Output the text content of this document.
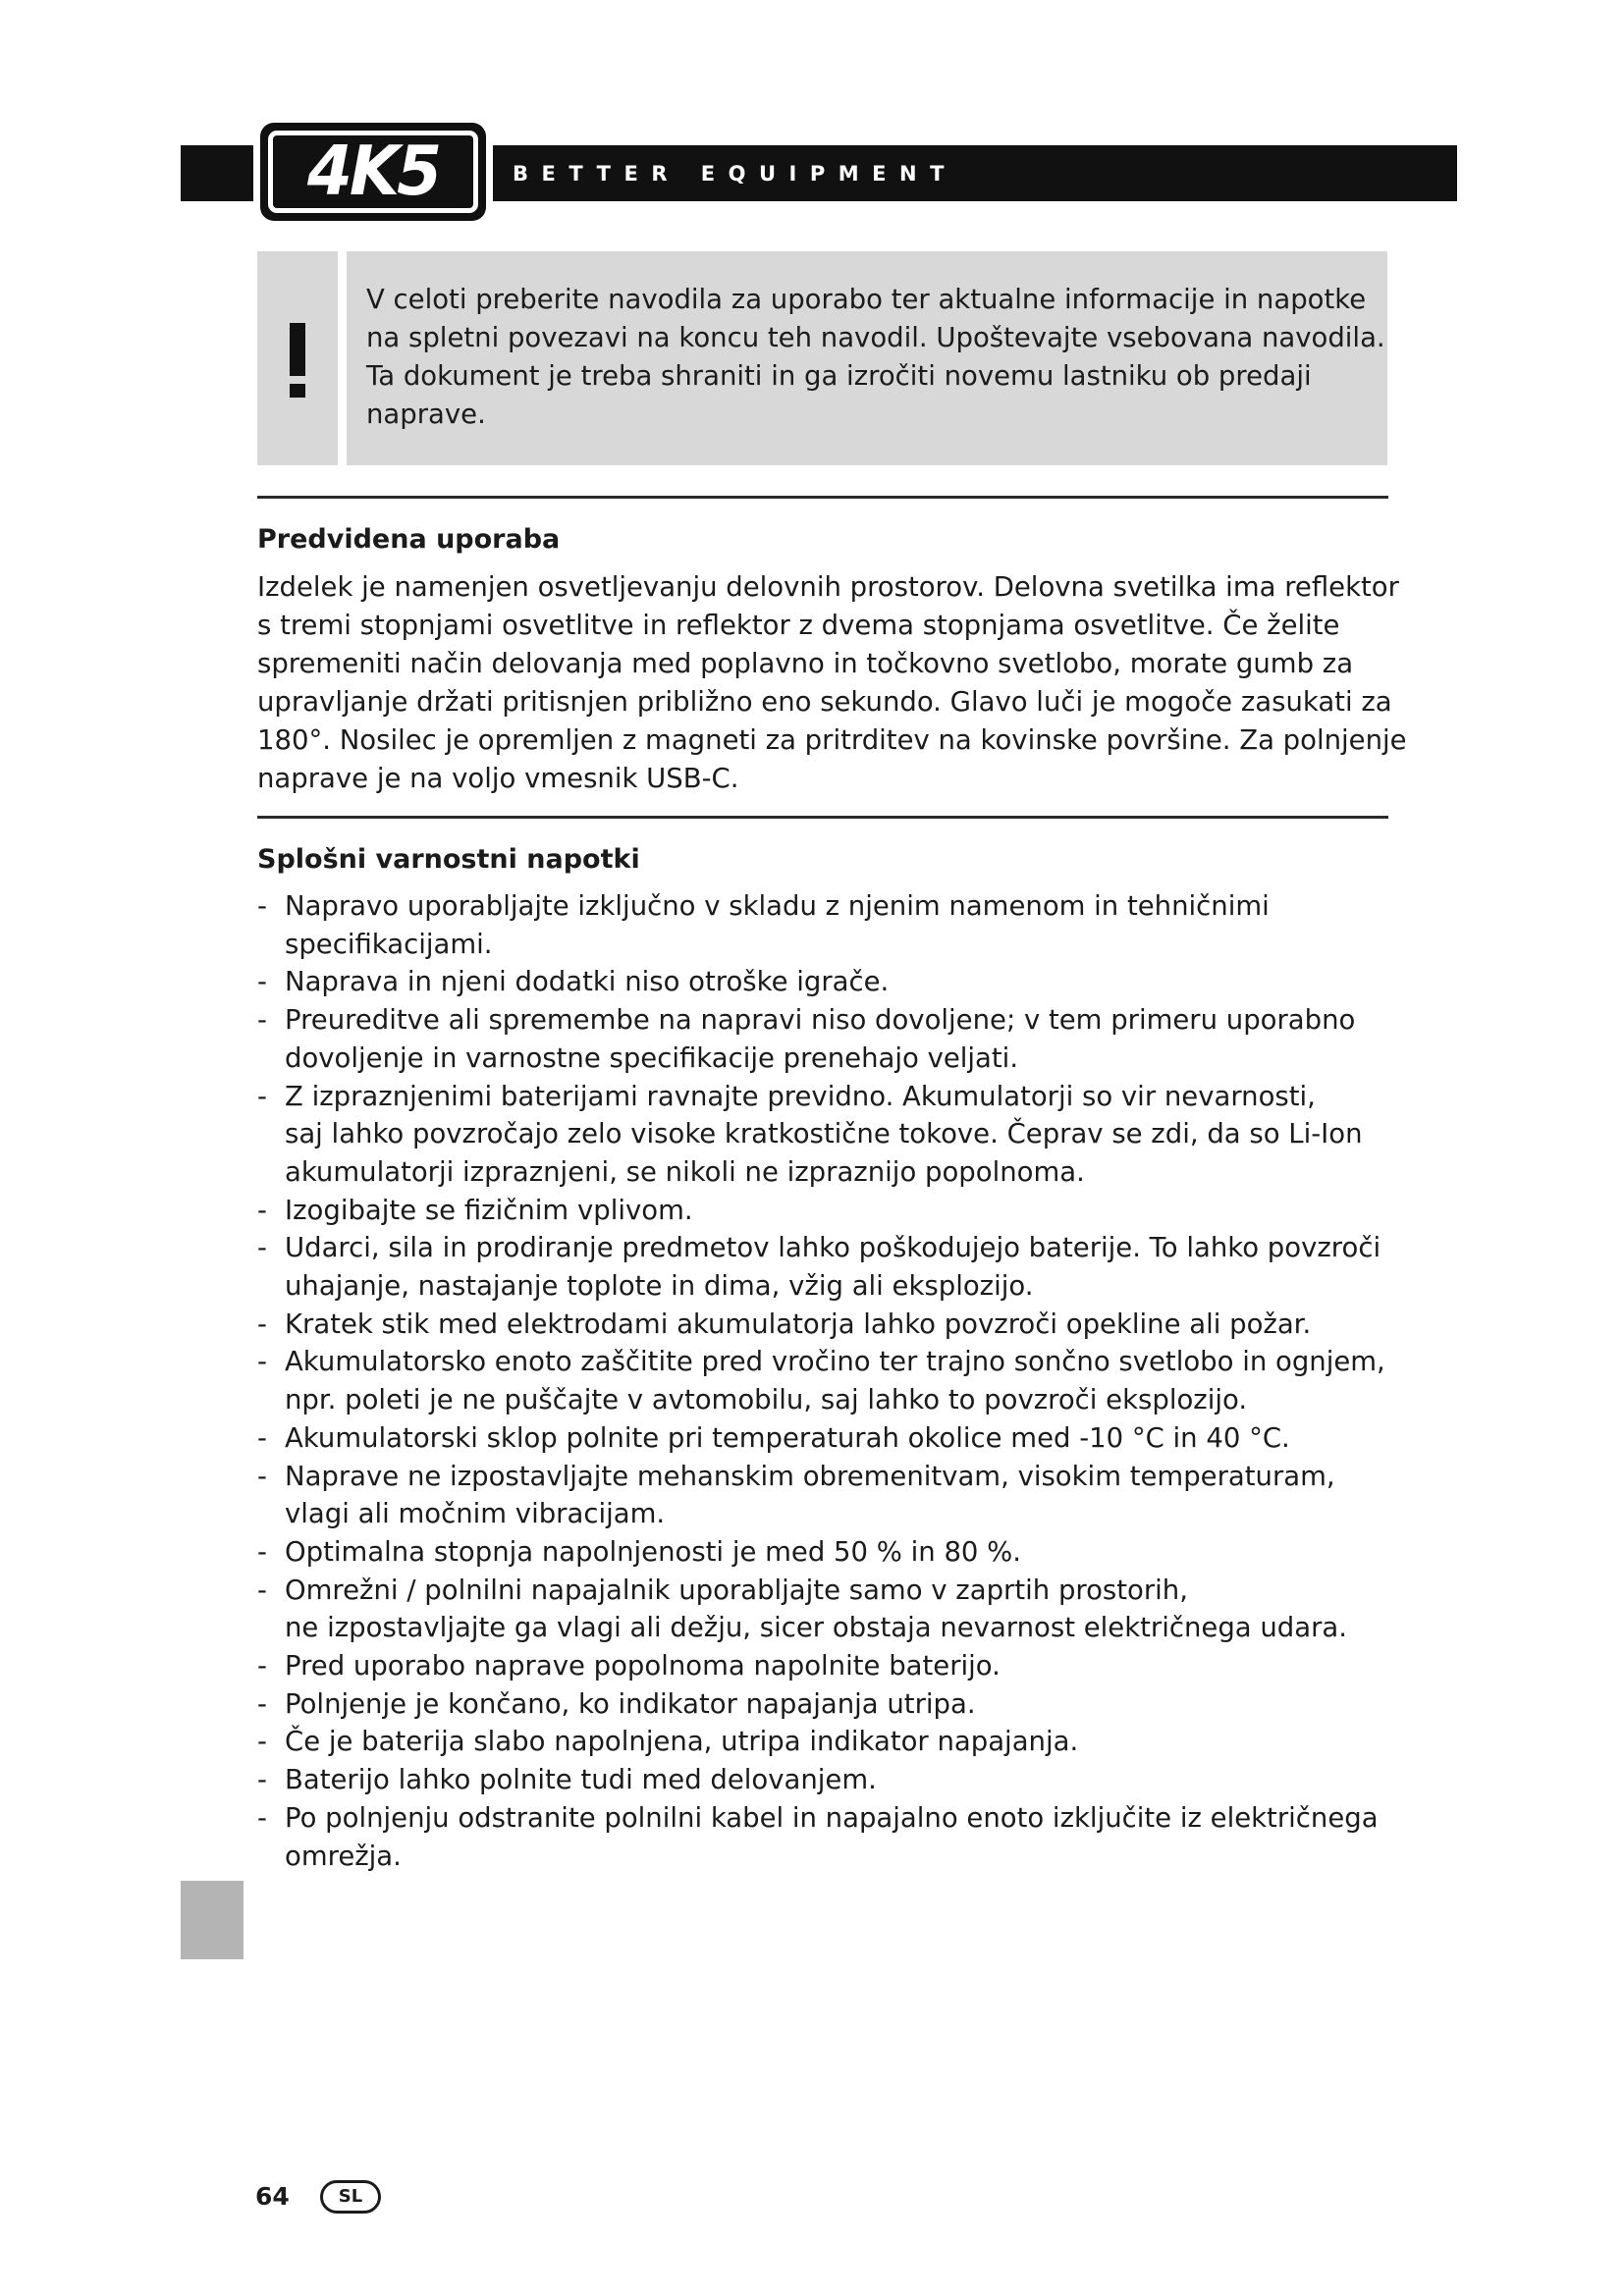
4K5	BETTER EQUIPMENT

V celoti preberite navodila za uporabo ter aktualne informacije in napotke
na spletni povezavi na koncu teh navodil. Upoštevajte vsebovana navodila.
Ta dokument je treba shraniti in ga izročiti novemu lastniku ob predaji
naprave.

Predvidena uporaba

Izdelek je namenjen osvetljevanju delovnih prostorov. Delovna svetilka ima reflektor
s tremi stopnjami osvetlitve in reflektor z dvema stopnjama osvetlitve. Če želite
spremeniti način delovanja med poplavno in točkovno svetlobo, morate gumb za
upravljanje držati pritisnjen približno eno sekundo. Glavo luči je mogoče zasukati za
180°. Nosilec je opremljen z magneti za pritrditev na kovinske površine. Za polnjenje
naprave je na voljo vmesnik USB-C.

Splošni varnostni napotki
- Napravo uporabljajte izključno v skladu z njenim namenom in tehničnimi
specifikacijami.
- Naprava in njeni dodatki niso otroške igrače.
- Preureditve ali spremembe na napravi niso dovoljene; v tem primeru uporabno
dovoljenje in varnostne specifikacije prenehajo veljati.
- Z izpraznjenimi baterijami ravnajte previdno. Akumulatorji so vir nevarnosti,
saj lahko povzročajo zelo visoke kratkostične tokove. Čeprav se zdi, da so Li-Ion
akumulatorji izpraznjeni, se nikoli ne izpraznijo popolnoma.
- Izogibajte se fizičnim vplivom.
- Udarci, sila in prodiranje predmetov lahko poškodujejo baterije. To lahko povzroči
uhajanje, nastajanje toplote in dima, vžig ali eksplozijo.
- Kratek stik med elektrodami akumulatorja lahko povzroči opekline ali požar.
- Akumulatorsko enoto zaščitite pred vročino ter trajno sončno svetlobo in ognjem,
npr. poleti je ne puščajte v avtomobilu, saj lahko to povzroči eksplozijo.
- Akumulatorski sklop polnite pri temperaturah okolice med -10 °C in 40 °C.
- Naprave ne izpostavljajte mehanskim obremenitvam, visokim temperaturam,
vlagi ali močnim vibracijam.
- Optimalna stopnja napolnjenosti je med 50 % in 80 %.
- Omrežni / polnilni napajalnik uporabljajte samo v zaprtih prostorih,
ne izpostavljajte ga vlagi ali dežju, sicer obstaja nevarnost električnega udara.
- Pred uporabo naprave popolnoma napolnite baterijo.
- Polnjenje je končano, ko indikator napajanja utripa.
- Če je baterija slabo napolnjena, utripa indikator napajanja.
- Baterijo lahko polnite tudi med delovanjem.
- Po polnjenju odstranite polnilni kabel in napajalno enoto izključite iz električnega
omrežja.
64	SL
